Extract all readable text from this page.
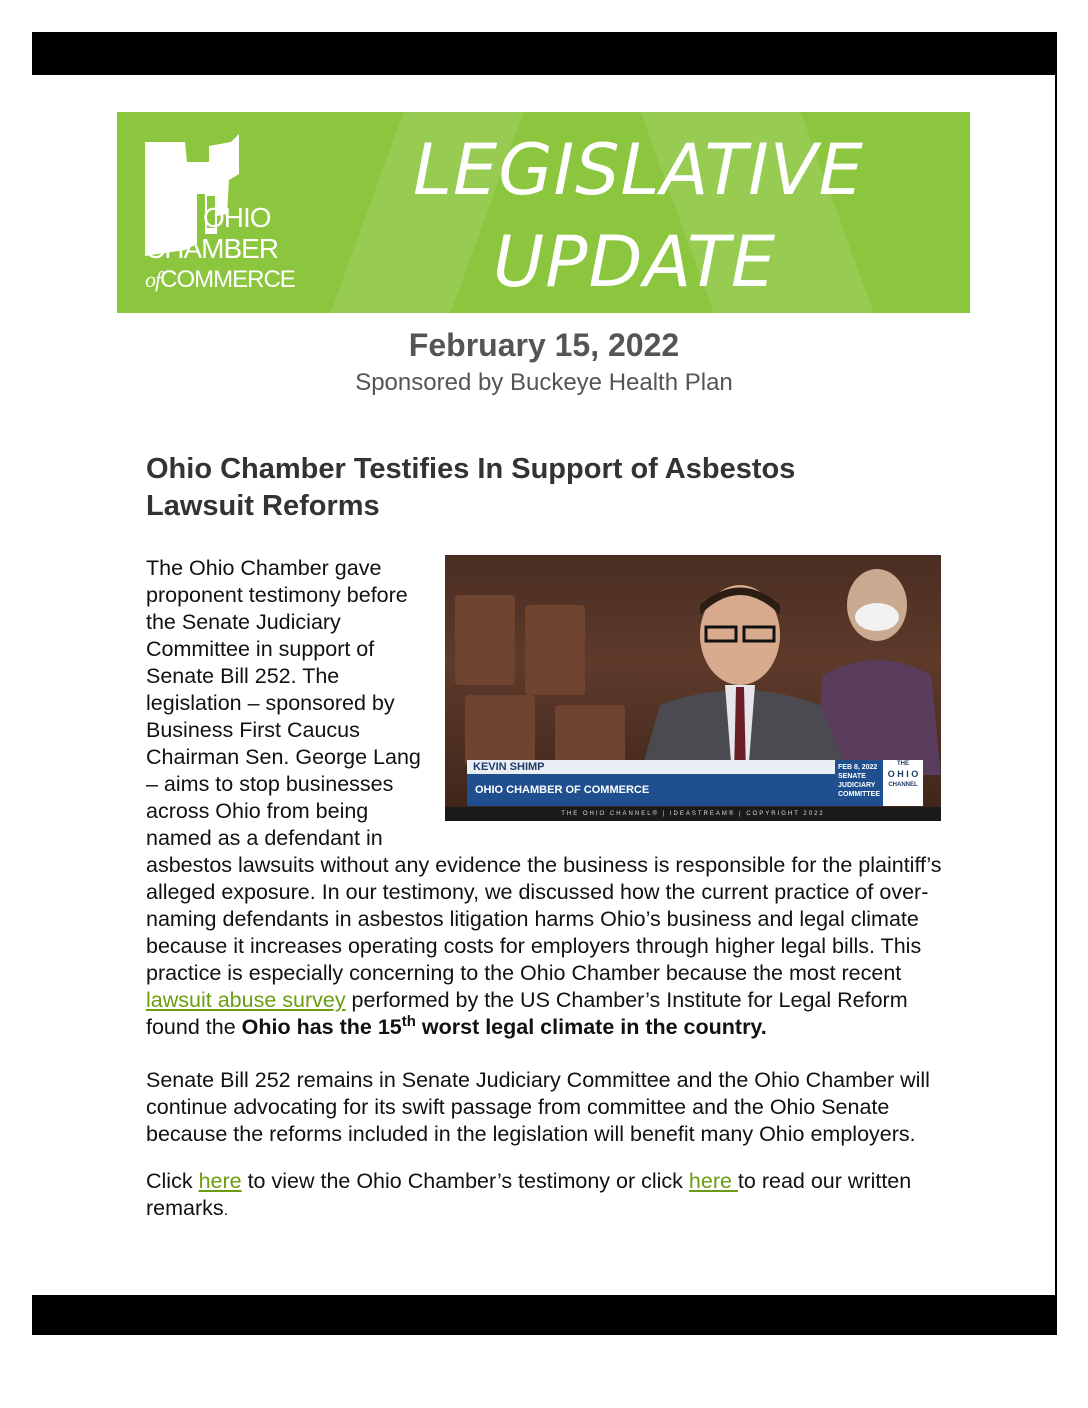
OHIO
CHAMBER
ofCOMMERCE
LEGISLATIVE
UPDATE
February 15, 2022
Sponsored by Buckeye Health Plan
Ohio Chamber Testifies In Support of Asbestos Lawsuit Reforms
KEVIN SHIMP
OHIO CHAMBER OF COMMERCE
FEB 8, 2022
SENATE
JUDICIARY
COMMITTEE
THE
O H I O
CHANNEL
THE OHIO CHANNEL® | IDEASTREAM® | COPYRIGHT 2022

The Ohio Chamber gave proponent testimony before the Senate Judiciary Committee in support of Senate Bill 252. The legislation – sponsored by Business First Caucus Chairman Sen. George Lang – aims to stop businesses across Ohio from being named as a defendant in asbestos lawsuits without any evidence the business is responsible for the plaintiff’s alleged exposure. In our testimony, we discussed how the current practice of over-naming defendants in asbestos litigation harms Ohio’s business and legal climate because it increases operating costs for employers through higher legal bills. This practice is especially concerning to the Ohio Chamber because the most recent lawsuit abuse survey performed by the US Chamber’s Institute for Legal Reform found the Ohio has the 15th worst legal climate in the country.

Senate Bill 252 remains in Senate Judiciary Committee and the Ohio Chamber will continue advocating for its swift passage from committee and the Ohio Senate because the reforms included in the legislation will benefit many Ohio employers.

Click here to view the Ohio Chamber’s testimony or click here to read our written remarks.
